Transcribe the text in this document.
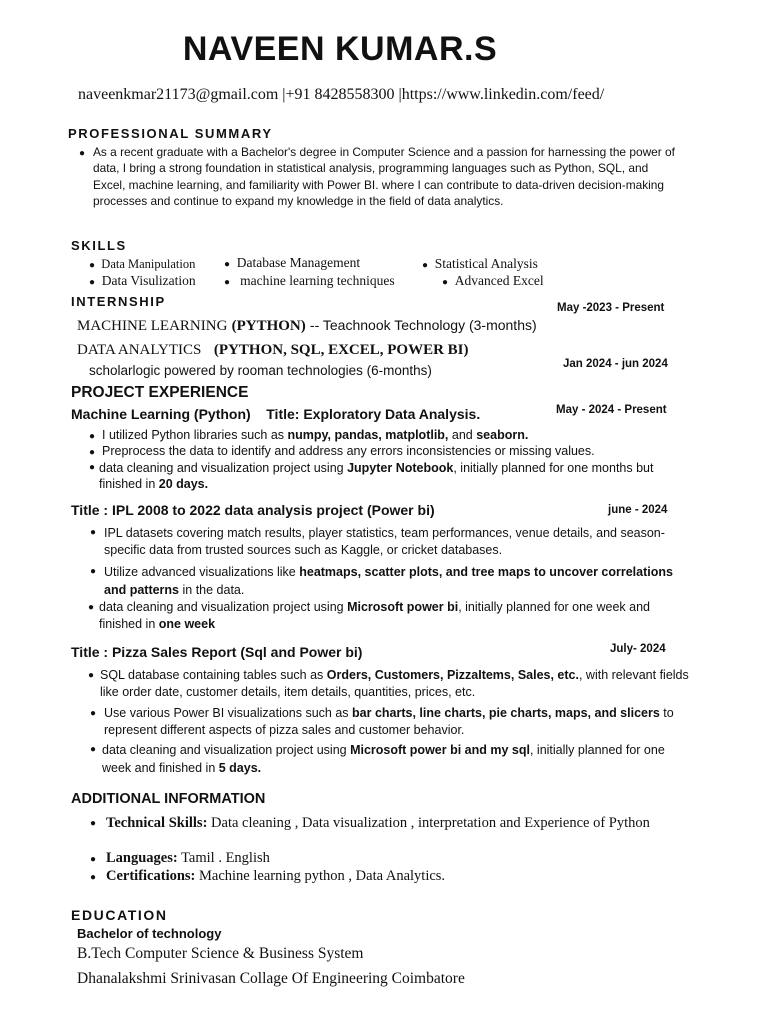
NAVEEN KUMAR.S
naveenkmar21173@gmail.com |+91 8428558300 |https://www.linkedin.com/feed/
PROFESSIONAL SUMMARY
● As a recent graduate with a Bachelor's degree in Computer Science and a passion for harnessing the power of data, I bring a strong foundation in statistical analysis, programming languages such as Python, SQL, and Excel, machine learning, and familiarity with Power BI. where I can contribute to data-driven decision-making processes and continue to expand my knowledge in the field of data analytics.
SKILLS
● Data Manipulation	● Database Management	● Statistical Analysis
● Data Visulization	● machine learning techniques	● Advanced Excel
INTERNSHIP	May -2023 - Present
MACHINE LEARNING (PYTHON) -- Teachnook Technology (3-months)
DATA ANALYTICS (PYTHON, SQL, EXCEL, POWER BI)
Jan 2024 - jun 2024
scholarlogic powered by rooman technologies (6-months)
PROJECT EXPERIENCE
Machine Learning (Python) Title: Exploratory Data Analysis.	May - 2024 - Present
● I utilized Python libraries such as numpy, pandas, matplotlib, and seaborn.
● Preprocess the data to identify and address any errors inconsistencies or missing values.
● data cleaning and visualization project using Jupyter Notebook, initially planned for one months but finished in 20 days.
Title : IPL 2008 to 2022 data analysis project (Power bi)	june - 2024
● IPL datasets covering match results, player statistics, team performances, venue details, and season-specific data from trusted sources such as Kaggle, or cricket databases.
● Utilize advanced visualizations like heatmaps, scatter plots, and tree maps to uncover correlations and patterns in the data.
● data cleaning and visualization project using Microsoft power bi, initially planned for one week and finished in one week
Title : Pizza Sales Report (Sql and Power bi)	July- 2024
● SQL database containing tables such as Orders, Customers, PizzaItems, Sales, etc., with relevant fields like order date, customer details, item details, quantities, prices, etc.
● Use various Power BI visualizations such as bar charts, line charts, pie charts, maps, and slicers to represent different aspects of pizza sales and customer behavior.
● data cleaning and visualization project using Microsoft power bi and my sql, initially planned for one week and finished in 5 days.
ADDITIONAL INFORMATION
● Technical Skills: Data cleaning , Data visualization , interpretation and Experience of Python
● Languages: Tamil . English
● Certifications: Machine learning python , Data Analytics.
EDUCATION
Bachelor of technology
B.Tech Computer Science & Business System
Dhanalakshmi Srinivasan Collage Of Engineering Coimbatore
